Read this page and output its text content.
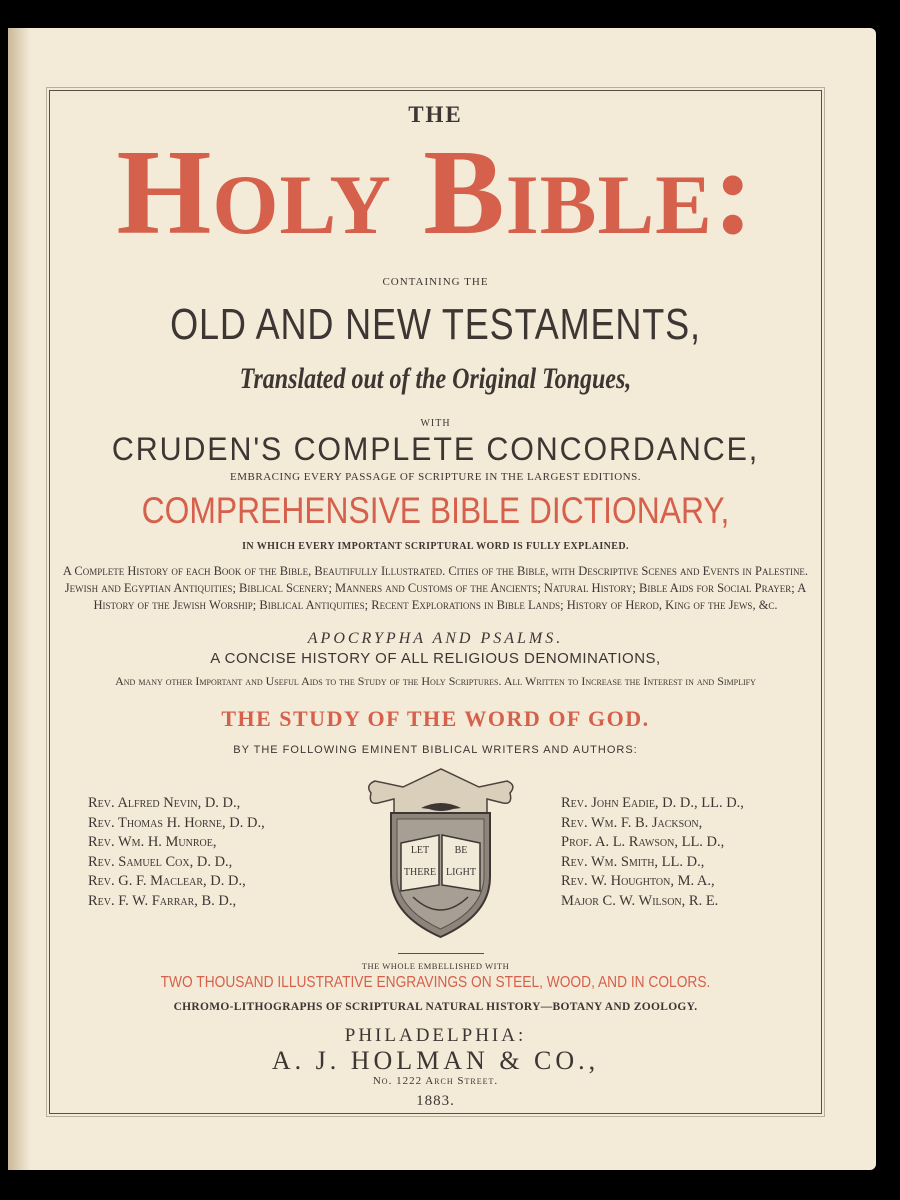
THE

Holy Bible:

CONTAINING THE

OLD AND NEW TESTAMENTS,

Translated out of the Original Tongues,

WITH

CRUDEN'S COMPLETE CONCORDANCE,

EMBRACING EVERY PASSAGE OF SCRIPTURE IN THE LARGEST EDITIONS.

COMPREHENSIVE BIBLE DICTIONARY,

IN WHICH EVERY IMPORTANT SCRIPTURAL WORD IS FULLY EXPLAINED.

A Complete History of each Book of the Bible, Beautifully Illustrated. Cities of the Bible, with Descriptive Scenes and Events in Palestine. Jewish and Egyptian Antiquities; Biblical Scenery; Manners and Customs of the Ancients; Natural History; Bible Aids for Social Prayer; A History of the Jewish Worship; Biblical Antiquities; Recent Explorations in Bible Lands; History of Herod, King of the Jews, &c.

APOCRYPHA AND PSALMS.

A CONCISE HISTORY OF ALL RELIGIOUS DENOMINATIONS,

And many other Important and Useful Aids to the Study of the Holy Scriptures. All Written to Increase the Interest in and Simplify

THE STUDY OF THE WORD OF GOD.

BY THE FOLLOWING EMINENT BIBLICAL WRITERS AND AUTHORS:

Rev. Alfred Nevin, D. D.,
Rev. Thomas H. Horne, D. D.,
Rev. Wm. H. Munroe,
Rev. Samuel Cox, D. D.,
Rev. G. F. Maclear, D. D.,
Rev. F. W. Farrar, B. D.,
LET
THERE
BE
LIGHT
Rev. John Eadie, D. D., LL. D.,
Rev. Wm. F. B. Jackson,
Prof. A. L. Rawson, LL. D.,
Rev. Wm. Smith, LL. D.,
Rev. W. Houghton, M. A.,
Major C. W. Wilson, R. E.

THE WHOLE EMBELLISHED WITH

TWO THOUSAND ILLUSTRATIVE ENGRAVINGS ON STEEL, WOOD, AND IN COLORS.

CHROMO-LITHOGRAPHS OF SCRIPTURAL NATURAL HISTORY—BOTANY AND ZOOLOGY.

PHILADELPHIA:

A. J. HOLMAN & CO.,

No. 1222 Arch Street.

1883.
